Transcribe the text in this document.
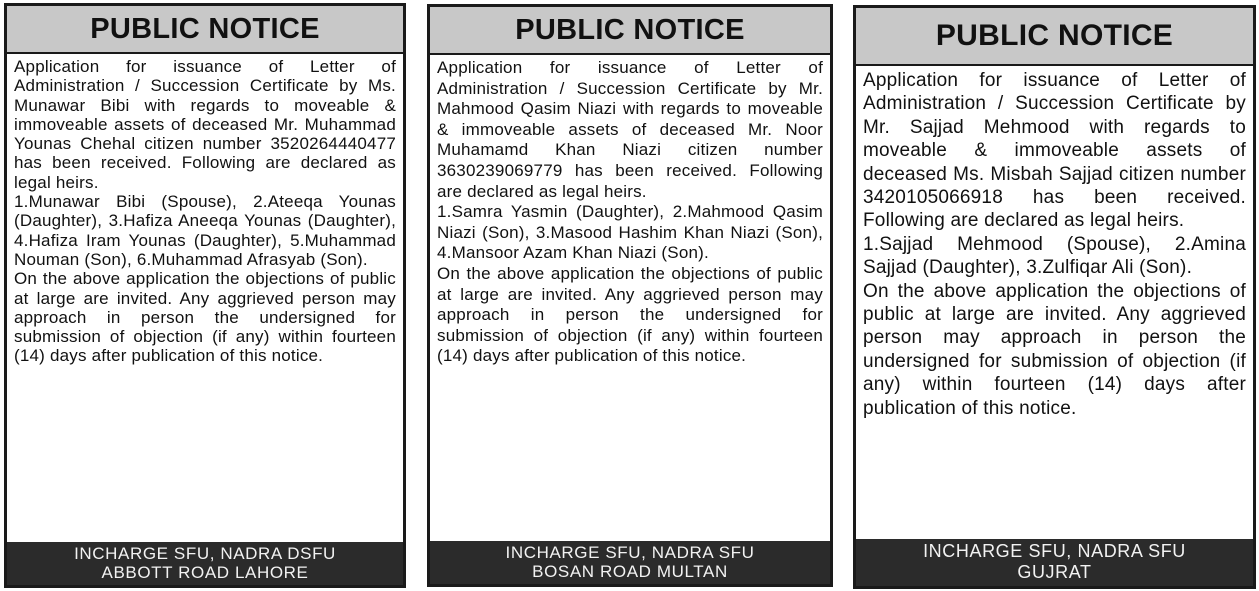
PUBLIC NOTICE

Application for issuance of Letter of Administration / Succession Certificate by Ms. Munawar Bibi with regards to moveable & immoveable assets of deceased Mr. Muhammad Younas Chehal citizen number 3520264440477 has been received. Following are declared as legal heirs.

1.Munawar Bibi (Spouse), 2.Ateeqa Younas (Daughter), 3.Hafiza Aneeqa Younas (Daughter), 4.Hafiza Iram Younas (Daughter), 5.Muhammad Nouman (Son), 6.Muhammad Afrasyab (Son).

On the above application the objections of public at large are invited. Any aggrieved person may approach in person the undersigned for submission of objection (if any) within fourteen (14) days after publication of this notice.

INCHARGE SFU, NADRA DSFU
ABBOTT ROAD LAHORE
PUBLIC NOTICE

Application for issuance of Letter of Administration / Succession Certificate by Mr. Mahmood Qasim Niazi with regards to moveable & immoveable assets of deceased Mr. Noor Muhamamd Khan Niazi citizen number 3630239069779 has been received. Following are declared as legal heirs.

1.Samra Yasmin (Daughter), 2.Mahmood Qasim Niazi (Son), 3.Masood Hashim Khan Niazi (Son), 4.Mansoor Azam Khan Niazi (Son).

On the above application the objections of public at large are invited. Any aggrieved person may approach in person the undersigned for submission of objection (if any) within fourteen (14) days after publication of this notice.

INCHARGE SFU, NADRA SFU
BOSAN ROAD MULTAN
PUBLIC NOTICE

Application for issuance of Letter of Administration / Succession Certificate by Mr. Sajjad Mehmood with regards to moveable & immoveable assets of deceased Ms. Misbah Sajjad citizen number 3420105066918 has been received. Following are declared as legal heirs.

1.Sajjad Mehmood (Spouse), 2.Amina Sajjad (Daughter), 3.Zulfiqar Ali (Son).

On the above application the objections of public at large are invited. Any aggrieved person may approach in person the undersigned for submission of objection (if any) within fourteen (14) days after publication of this notice.

INCHARGE SFU, NADRA SFU
GUJRAT
